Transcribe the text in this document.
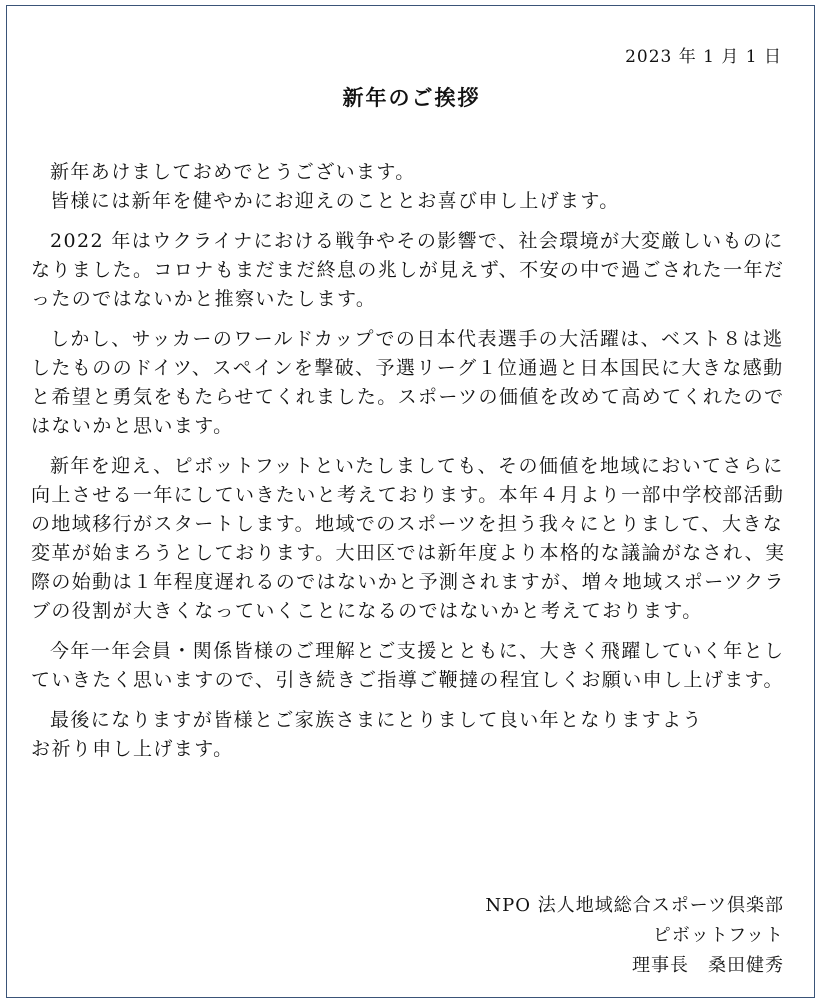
2023 年 1 月 1 日
新年のご挨拶

新年あけましておめでとうございます。
皆様には新年を健やかにお迎えのこととお喜び申し上げます。

2022 年はウクライナにおける戦争やその影響で、社会環境が大変厳しいものになりました。コロナもまだまだ終息の兆しが見えず、不安の中で過ごされた一年だったのではないかと推察いたします。

しかし、サッカーのワールドカップでの日本代表選手の大活躍は、ベスト８は逃したもののドイツ、スペインを撃破、予選リーグ１位通過と日本国民に大きな感動と希望と勇気をもたらせてくれました。スポーツの価値を改めて高めてくれたのではないかと思います。

新年を迎え、ピボットフットといたしましても、その価値を地域においてさらに向上させる一年にしていきたいと考えております。本年４月より一部中学校部活動の地域移行がスタートします。地域でのスポーツを担う我々にとりまして、大きな変革が始まろうとしております。大田区では新年度より本格的な議論がなされ、実際の始動は１年程度遅れるのではないかと予測されますが、増々地域スポーツクラブの役割が大きくなっていくことになるのではないかと考えております。

今年一年会員・関係皆様のご理解とご支援とともに、大きく飛躍していく年としていきたく思いますので、引き続きご指導ご鞭撻の程宜しくお願い申し上げます。

最後になりますが皆様とご家族さまにとりまして良い年となりますよう
お祈り申し上げます。

NPO 法人地域総合スポーツ倶楽部
ピボットフット
理事長　桑田健秀
